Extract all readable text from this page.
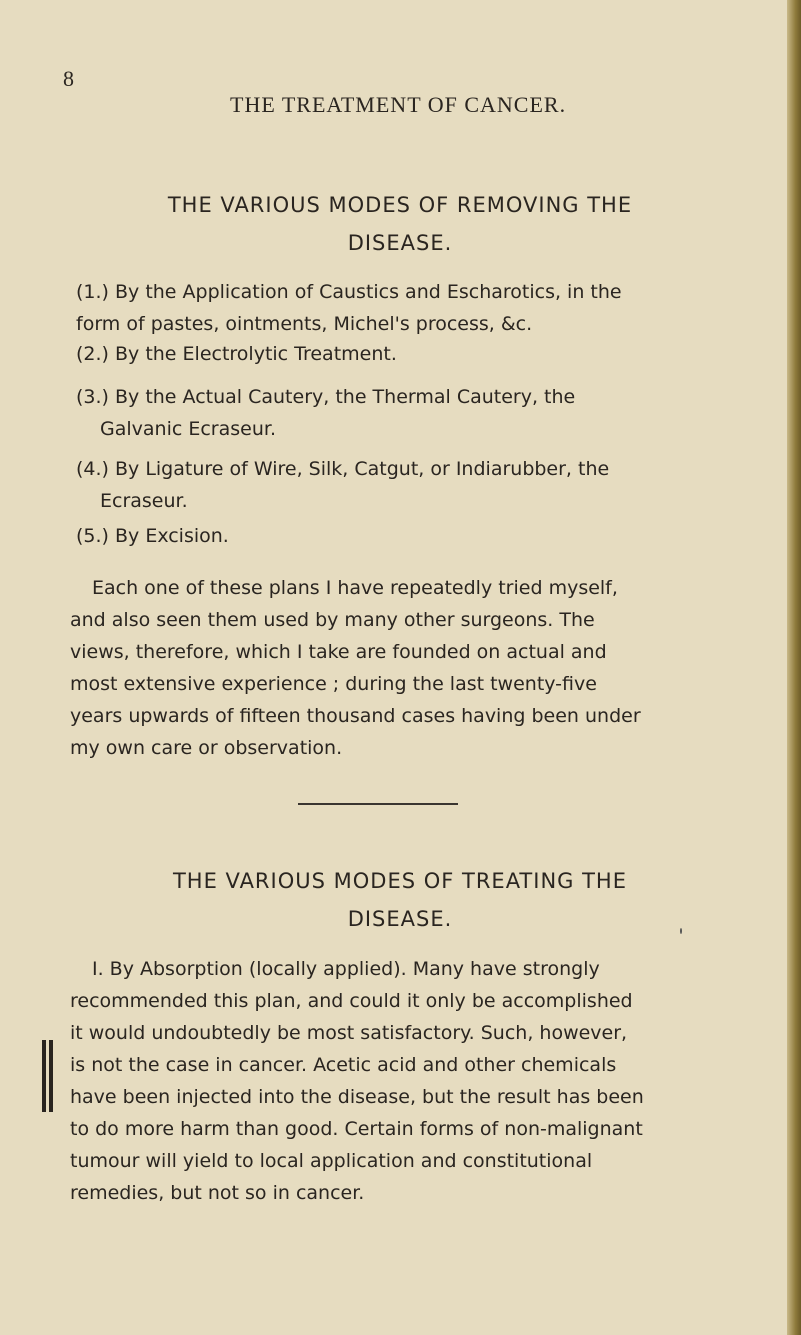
8
THE TREATMENT OF CANCER.
THE VARIOUS MODES OF REMOVING THE
DISEASE.
(1.) By the Application of Caustics and Escharotics, in the
form of pastes, ointments, Michel's process, &c.
(2.) By the Electrolytic Treatment.
(3.) By the Actual Cautery, the Thermal Cautery, the
Galvanic Ecraseur.
(4.) By Ligature of Wire, Silk, Catgut, or Indiarubber, the
Ecraseur.
(5.) By Excision.
Each one of these plans I have repeatedly tried myself,
and also seen them used by many other surgeons. The
views, therefore, which I take are founded on actual and
most extensive experience ; during the last twenty-five
years upwards of fifteen thousand cases having been under
my own care or observation.
THE VARIOUS MODES OF TREATING THE
DISEASE.
I. By Absorption (locally applied). Many have strongly
recommended this plan, and could it only be accomplished
it would undoubtedly be most satisfactory. Such, however,
is not the case in cancer. Acetic acid and other chemicals
have been injected into the disease, but the result has been
to do more harm than good. Certain forms of non-malignant
tumour will yield to local application and constitutional
remedies, but not so in cancer.
